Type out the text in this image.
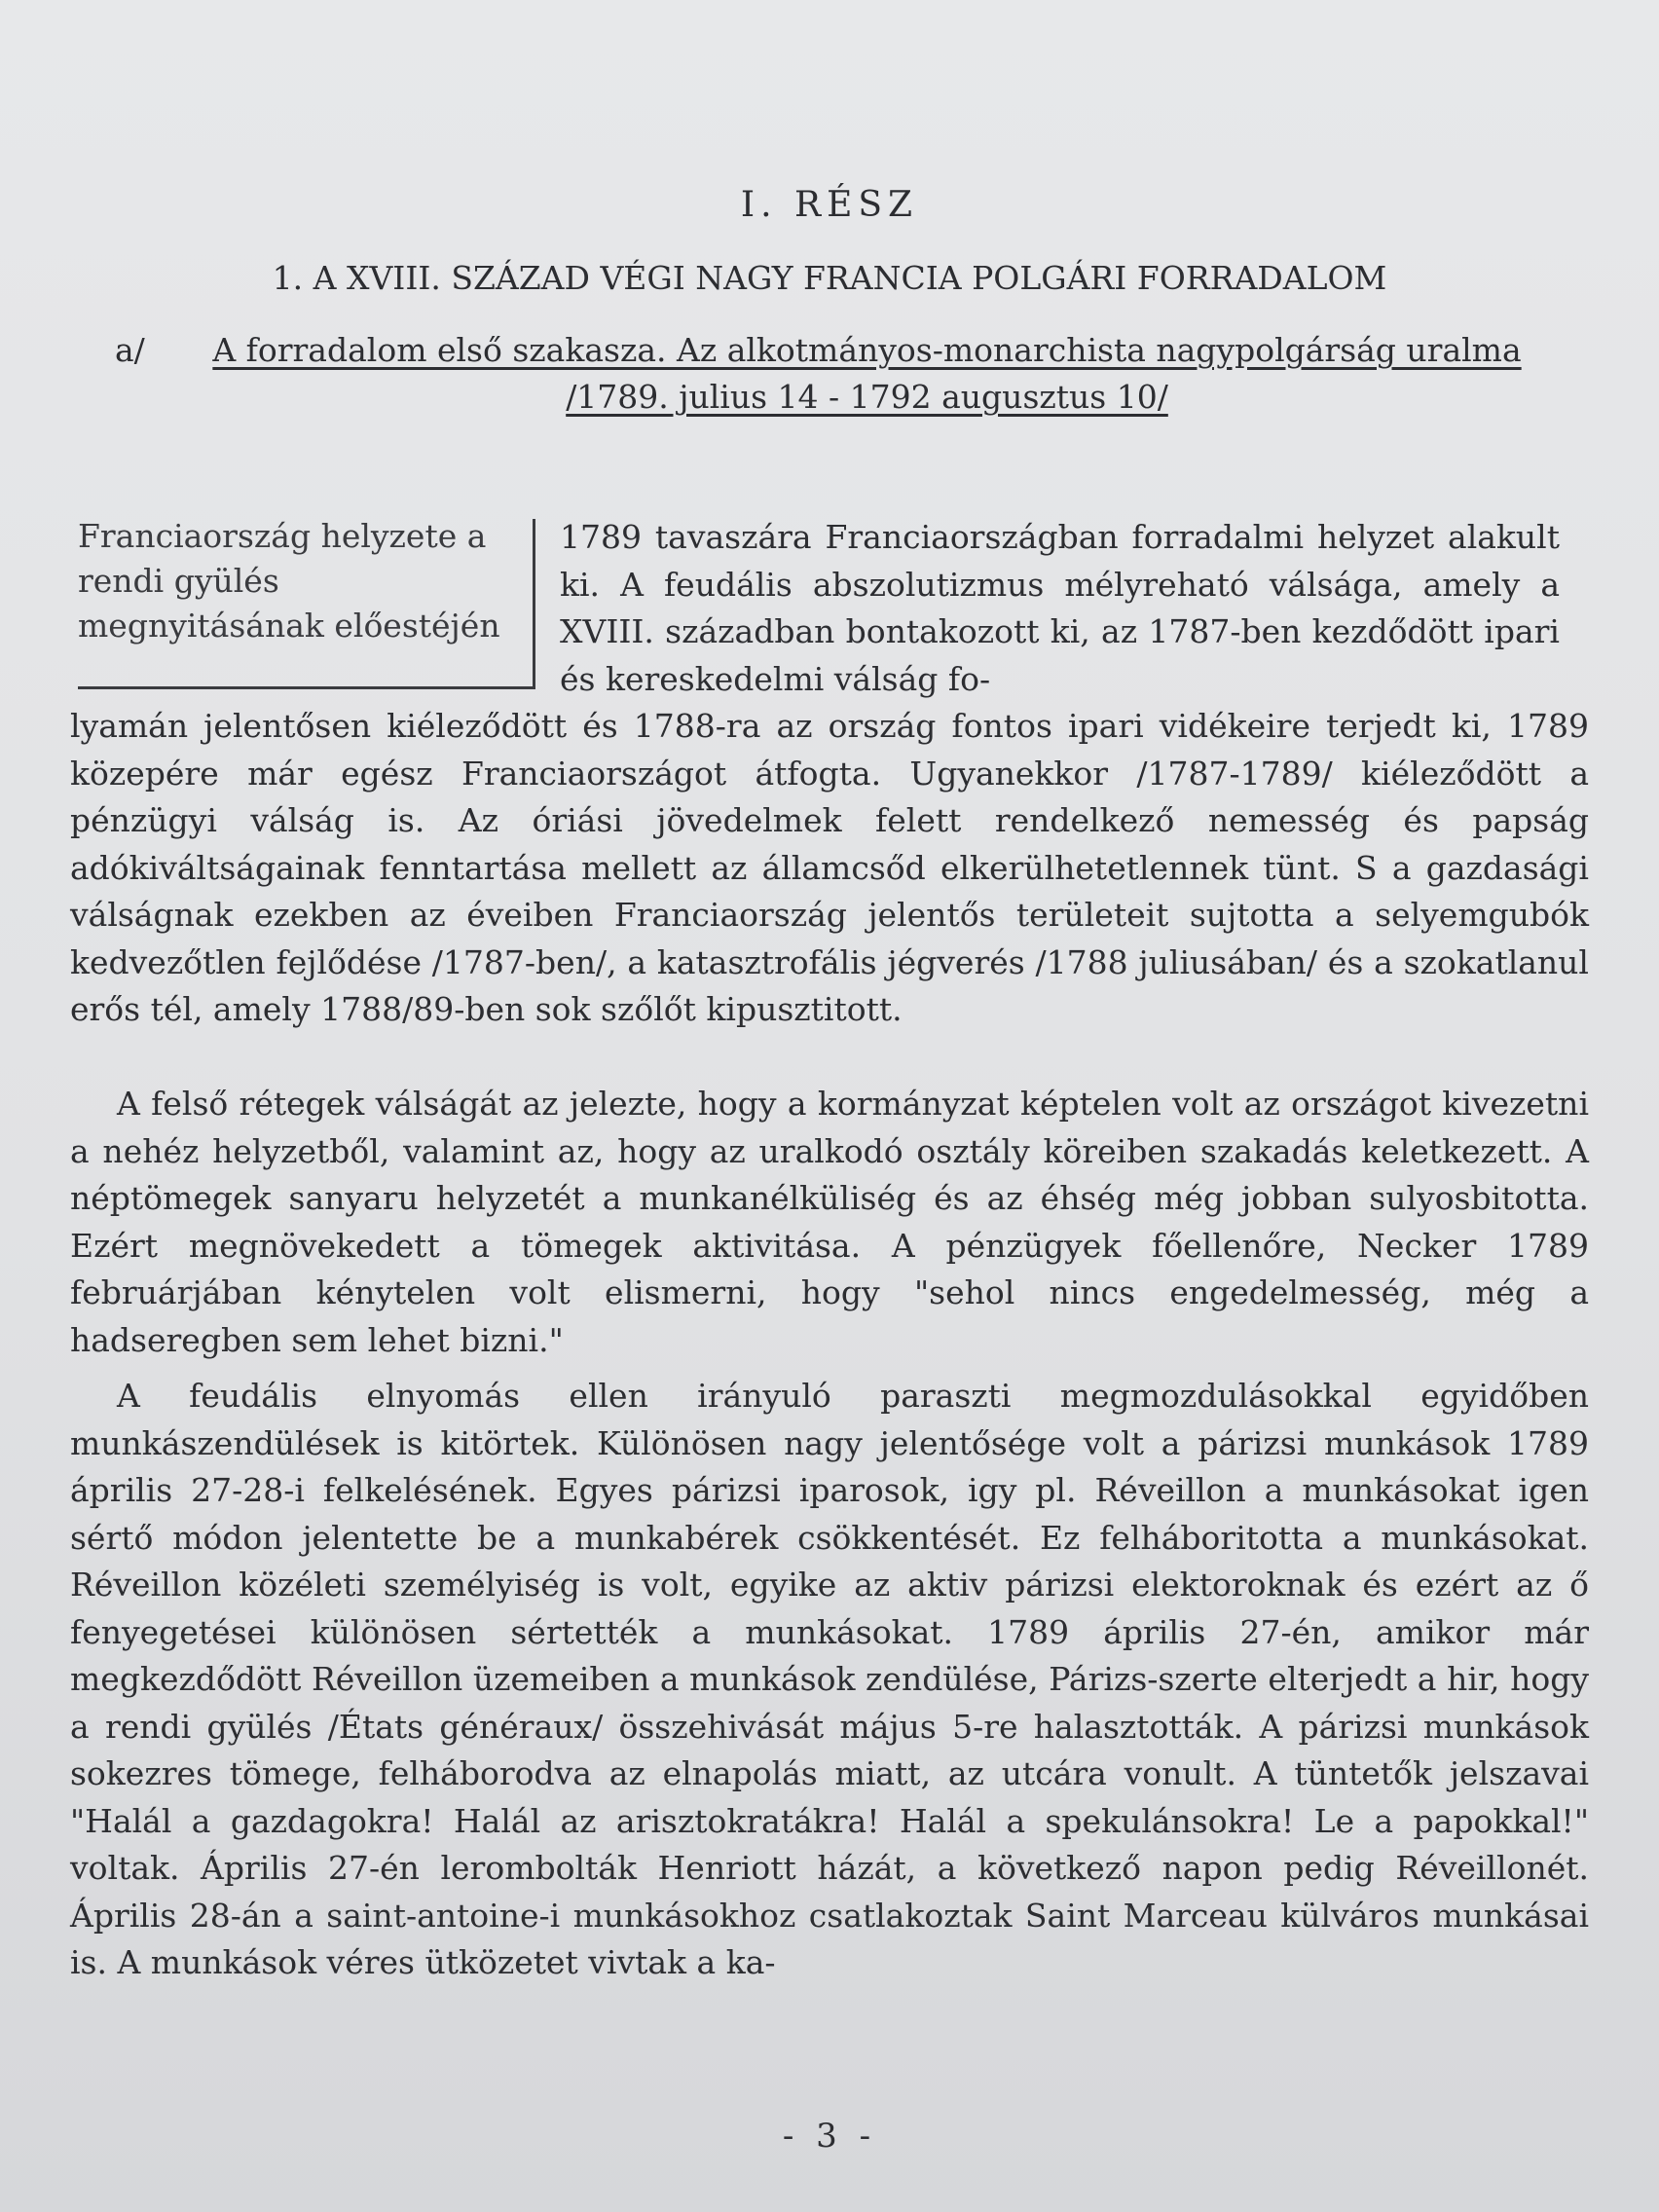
I. RÉSZ
1. A XVIII. SZÁZAD VÉGI NAGY FRANCIA POLGÁRI FORRADALOM
a/	A forradalom első szakasza. Az alkotmányos-monarchista nagypolgárság uralma /1789. julius 14 - 1792 augusztus 10/
Franciaország helyzete a rendi gyülés megnyitásának előestéjén

1789 tavaszára Franciaországban forradalmi helyzet alakult ki. A feudális abszolutizmus mélyreható válsága, amely a XVIII. században bontakozott ki, az 1787-ben kezdődött ipari és kereskedelmi válság fo-

lyamán jelentősen kiéleződött és 1788-ra az ország fontos ipari vidékeire terjedt ki, 1789 közepére már egész Franciaországot átfogta. Ugyanekkor /1787-1789/ kiéleződött a pénzügyi válság is. Az óriási jövedelmek felett rendelkező nemesség és papság adókiváltságainak fenntartása mellett az államcsőd elkerülhetetlennek tünt. S a gazdasági válságnak ezekben az éveiben Franciaország jelentős területeit sujtotta a selyemgubók kedvezőtlen fejlődése /1787-ben/, a katasztrofális jégverés /1788 juliusában/ és a szokatlanul erős tél, amely 1788/89-ben sok szőlőt kipusztitott.

A felső rétegek válságát az jelezte, hogy a kormányzat képtelen volt az országot kivezetni a nehéz helyzetből, valamint az, hogy az uralkodó osztály köreiben szakadás keletkezett. A néptömegek sanyaru helyzetét a munkanélküliség és az éhség még jobban sulyosbitotta. Ezért megnövekedett a tömegek aktivitása. A pénzügyek főellenőre, Necker 1789 februárjában kénytelen volt elismerni, hogy "sehol nincs engedelmesség, még a hadseregben sem lehet bizni."

A feudális elnyomás ellen irányuló paraszti megmozdulásokkal egyidőben munkászendülések is kitörtek. Különösen nagy jelentősége volt a párizsi munkások 1789 április 27-28-i felkelésének. Egyes párizsi iparosok, igy pl. Réveillon a munkásokat igen sértő módon jelentette be a munkabérek csökkentését. Ez felháboritotta a munkásokat. Réveillon közéleti személyiség is volt, egyike az aktiv párizsi elektoroknak és ezért az ő fenyegetései különösen sértették a munkásokat. 1789 április 27-én, amikor már megkezdődött Réveillon üzemeiben a munkások zendülése, Párizs-szerte elterjedt a hir, hogy a rendi gyülés /États généraux/ összehivását május 5-re halasztották. A párizsi munkások sokezres tömege, felháborodva az elnapolás miatt, az utcára vonult. A tüntetők jelszavai "Halál a gazdagokra! Halál az arisztokratákra! Halál a spekulánsokra! Le a papokkal!" voltak. Április 27-én lerombolták Henriott házát, a következő napon pedig Réveillonét. Április 28-án a saint-antoine-i munkásokhoz csatlakoztak Saint Marceau külváros munkásai is. A munkások véres ütközetet vivtak a ka-

- 3 -
